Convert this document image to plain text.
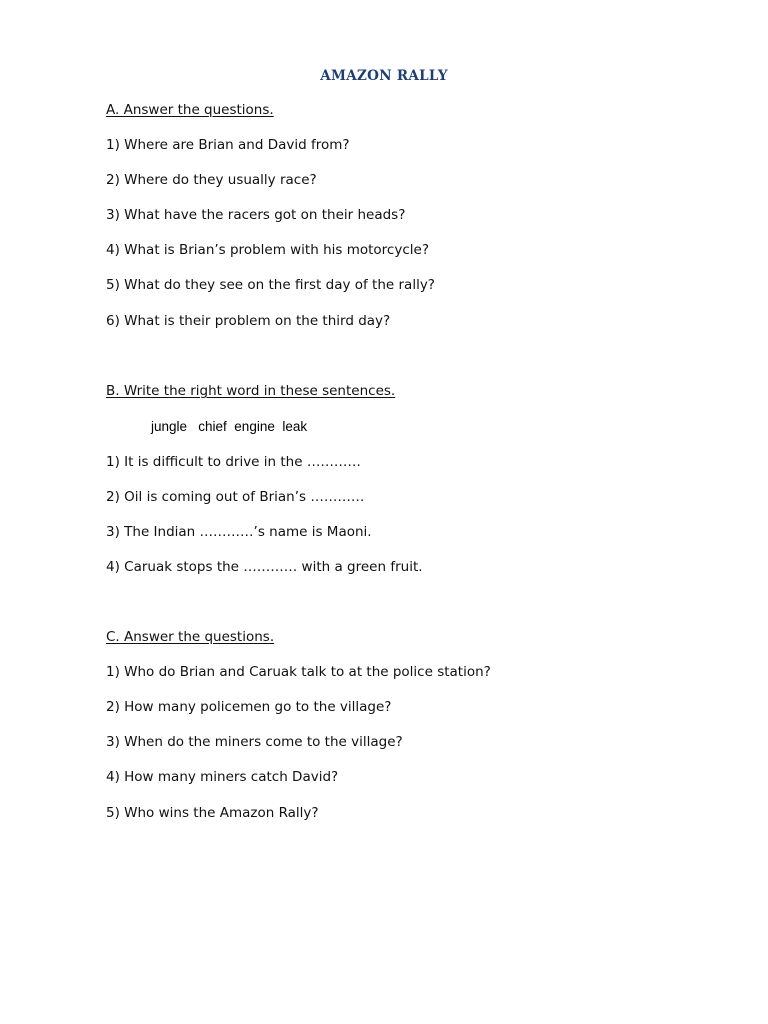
AMAZON RALLY
A. Answer the questions.
1) Where are Brian and David from?
2) Where do they usually race?
3) What have the racers got on their heads?
4) What is Brian’s problem with his motorcycle?
5) What do they see on the first day of the rally?
6) What is their problem on the third day?
B. Write the right word in these sentences.
jungle   chief  engine  leak
1) It is difficult to drive in the …………
2) Oil is coming out of Brian’s …………
3) The Indian …………’s name is Maoni.
4) Caruak stops the ………… with a green fruit.
C. Answer the questions.
1) Who do Brian and Caruak talk to at the police station?
2) How many policemen go to the village?
3) When do the miners come to the village?
4) How many miners catch David?
5) Who wins the Amazon Rally?
